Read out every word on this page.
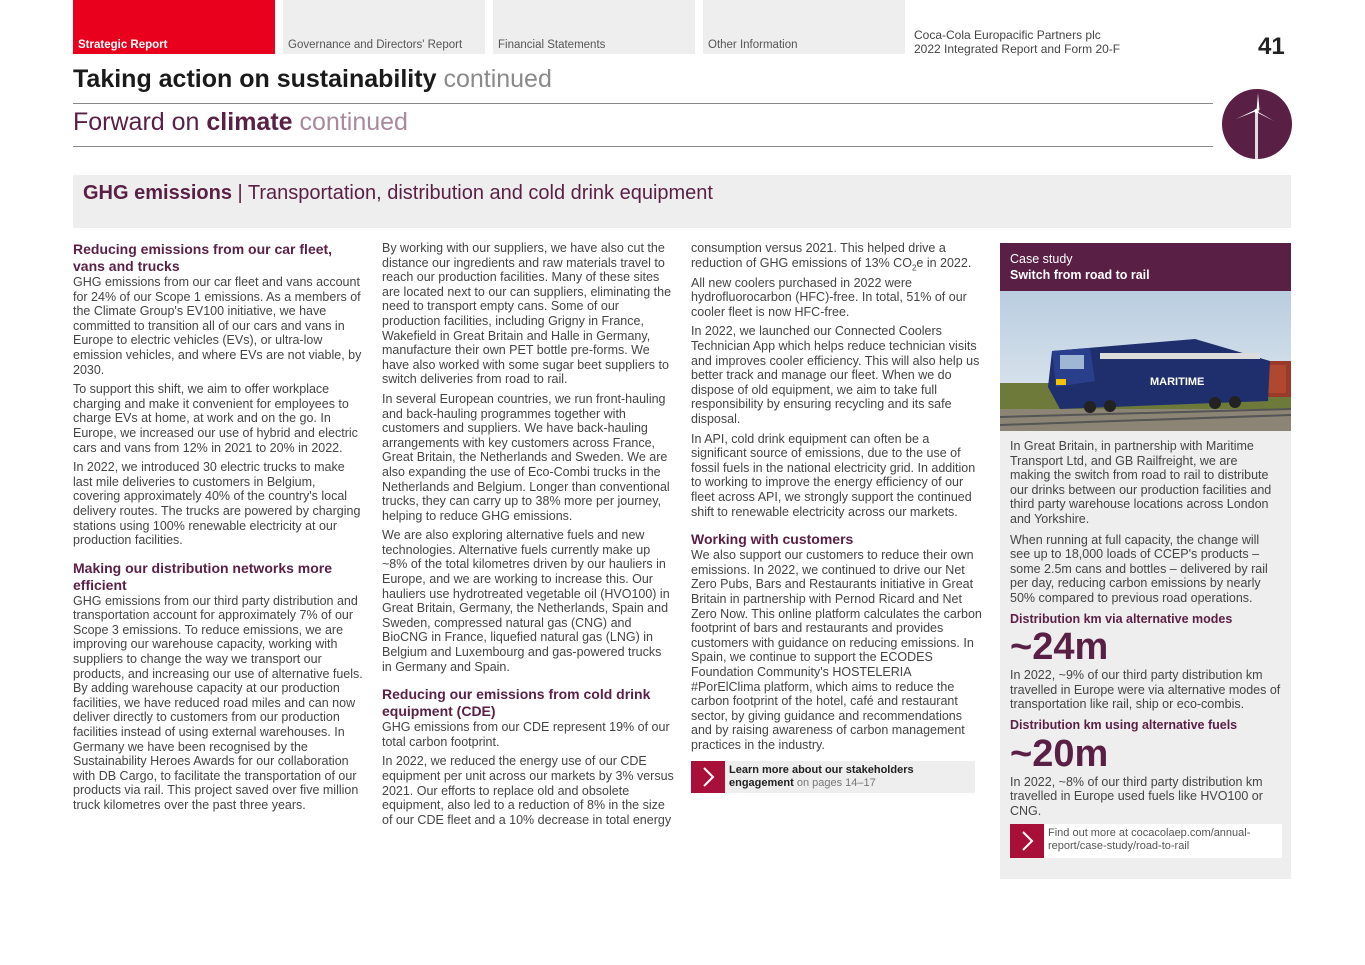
Strategic Report	Governance and Directors' Report	Financial Statements	Other Information
Coca-Cola Europacific Partners plc
2022 Integrated Report and Form 20-F	41
Taking action on sustainability continued
Forward on climate continued
GHG emissions | Transportation, distribution and cold drink equipment
Reducing emissions from our car fleet, vans and trucks

GHG emissions from our car fleet and vans account for 24% of our Scope 1 emissions. As a members of the Climate Group's EV100 initiative, we have committed to transition all of our cars and vans in Europe to electric vehicles (EVs), or ultra-low emission vehicles, and where EVs are not viable, by 2030.

To support this shift, we aim to offer workplace charging and make it convenient for employees to charge EVs at home, at work and on the go. In Europe, we increased our use of hybrid and electric cars and vans from 12% in 2021 to 20% in 2022.

In 2022, we introduced 30 electric trucks to make last mile deliveries to customers in Belgium, covering approximately 40% of the country's local delivery routes. The trucks are powered by charging stations using 100% renewable electricity at our production facilities.

Making our distribution networks more efficient

GHG emissions from our third party distribution and transportation account for approximately 7% of our Scope 3 emissions. To reduce emissions, we are improving our warehouse capacity, working with suppliers to change the way we transport our products, and increasing our use of alternative fuels. By adding warehouse capacity at our production facilities, we have reduced road miles and can now deliver directly to customers from our production facilities instead of using external warehouses. In Germany we have been recognised by the Sustainability Heroes Awards for our collaboration with DB Cargo, to facilitate the transportation of our products via rail. This project saved over five million truck kilometres over the past three years.

By working with our suppliers, we have also cut the distance our ingredients and raw materials travel to reach our production facilities. Many of these sites are located next to our can suppliers, eliminating the need to transport empty cans. Some of our production facilities, including Grigny in France, Wakefield in Great Britain and Halle in Germany, manufacture their own PET bottle pre-forms. We have also worked with some sugar beet suppliers to switch deliveries from road to rail.

In several European countries, we run front-hauling and back-hauling programmes together with customers and suppliers. We have back-hauling arrangements with key customers across France, Great Britain, the Netherlands and Sweden. We are also expanding the use of Eco-Combi trucks in the Netherlands and Belgium. Longer than conventional trucks, they can carry up to 38% more per journey, helping to reduce GHG emissions.

We are also exploring alternative fuels and new technologies. Alternative fuels currently make up ~8% of the total kilometres driven by our hauliers in Europe, and we are working to increase this. Our hauliers use hydrotreated vegetable oil (HVO100) in Great Britain, Germany, the Netherlands, Spain and Sweden, compressed natural gas (CNG) and BioCNG in France, liquefied natural gas (LNG) in Belgium and Luxembourg and gas-powered trucks in Germany and Spain.

Reducing our emissions from cold drink equipment (CDE)

GHG emissions from our CDE represent 19% of our total carbon footprint.

In 2022, we reduced the energy use of our CDE equipment per unit across our markets by 3% versus 2021. Our efforts to replace old and obsolete equipment, also led to a reduction of 8% in the size of our CDE fleet and a 10% decrease in total energy

consumption versus 2021. This helped drive a reduction of GHG emissions of 13% $CO_2e$ in 2022. All new coolers purchased in 2022 were hydrofluorocarbon (HFC)-free. In total, 51% of our cooler fleet is now HFC-free.

In 2022, we launched our Connected Coolers Technician App which helps reduce technician visits and improves cooler efficiency. This will also help us better track and manage our fleet. When we do dispose of old equipment, we aim to take full responsibility by ensuring recycling and its safe disposal.

In API, cold drink equipment can often be a significant source of emissions, due to the use of fossil fuels in the national electricity grid. In addition to working to improve the energy efficiency of our fleet across API, we strongly support the continued shift to renewable electricity across our markets.

Working with customers

We also support our customers to reduce their own emissions. In 2022, we continued to drive our Net Zero Pubs, Bars and Restaurants initiative in Great Britain in partnership with Pernod Ricard and Net Zero Now. This online platform calculates the carbon footprint of bars and restaurants and provides customers with guidance on reducing emissions. In Spain, we continue to support the ECODES Foundation Community's HOSTELERIA #PorElClima platform, which aims to reduce the carbon footprint of the hotel, café and restaurant sector, by giving guidance and recommendations and by raising awareness of carbon management practices in the industry.

Learn more about our stakeholders engagement on pages 14–17
Case study
Switch from road to rail
MARITIME

In Great Britain, in partnership with Maritime Transport Ltd, and GB Railfreight, we are making the switch from road to rail to distribute our drinks between our production facilities and third party warehouse locations across London and Yorkshire.

When running at full capacity, the change will see up to 18,000 loads of CCEP's products – some 2.5m cans and bottles – delivered by rail per day, reducing carbon emissions by nearly 50% compared to previous road operations.

Distribution km via alternative modes
~24m

In 2022, ~9% of our third party distribution km travelled in Europe were via alternative modes of transportation like rail, ship or eco-combis.

Distribution km using alternative fuels
~20m

In 2022, ~8% of our third party distribution km travelled in Europe used fuels like HVO100 or CNG.

Find out more at cocacolaep.com/annual-report/case-study/road-to-rail
